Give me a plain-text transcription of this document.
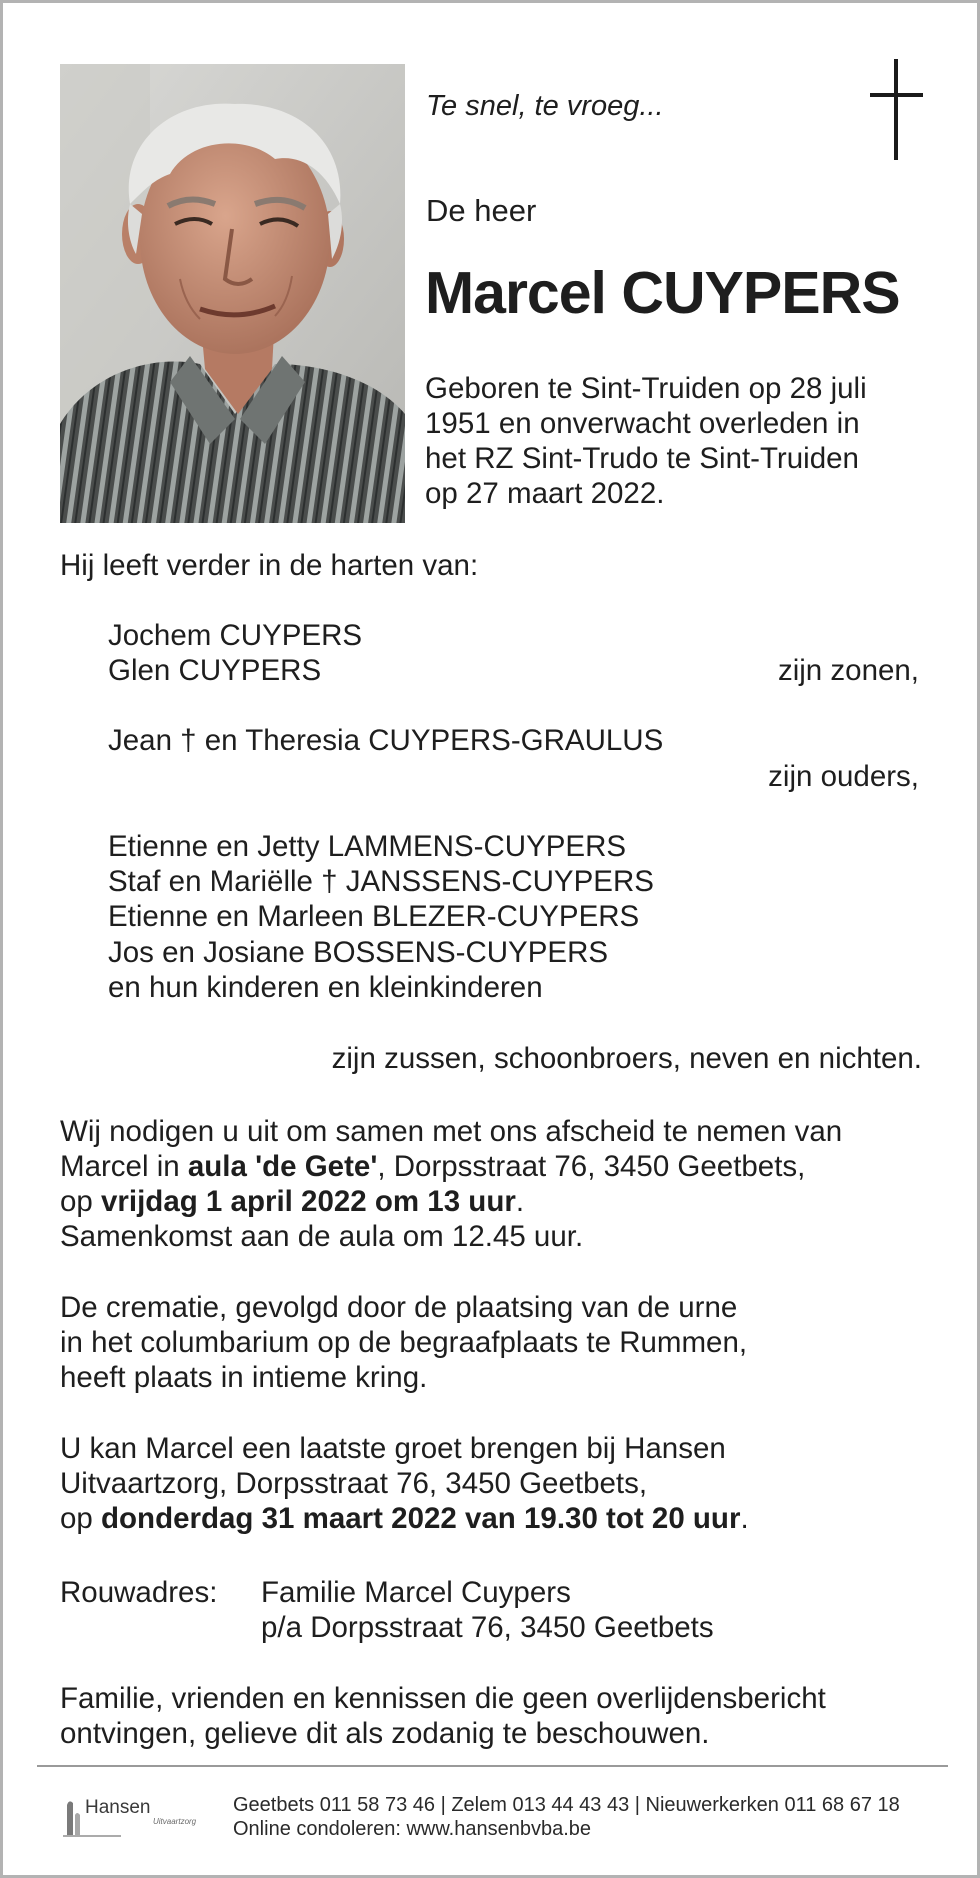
Te snel, te vroeg...
De heer
Marcel CUYPERS
Geboren te Sint-Truiden op 28 juli
1951 en onverwacht overleden in
het RZ Sint-Trudo te Sint-Truiden
op 27 maart 2022.
Hij leeft verder in de harten van:
Jochem CUYPERS
Glen CUYPERS	zijn zonen,
Jean † en Theresia CUYPERS-GRAULUS
zijn ouders,
Etienne en Jetty LAMMENS-CUYPERS
Staf en Mariëlle † JANSSENS-CUYPERS
Etienne en Marleen BLEZER-CUYPERS
Jos en Josiane BOSSENS-CUYPERS
en hun kinderen en kleinkinderen
zijn zussen, schoonbroers, neven en nichten.
Wij nodigen u uit om samen met ons afscheid te nemen van
Marcel in aula 'de Gete', Dorpsstraat 76, 3450 Geetbets,
op vrijdag 1 april 2022 om 13 uur.
Samenkomst aan de aula om 12.45 uur.
De crematie, gevolgd door de plaatsing van de urne
in het columbarium op de begraafplaats te Rummen,
heeft plaats in intieme kring.
U kan Marcel een laatste groet brengen bij Hansen
Uitvaartzorg, Dorpsstraat 76, 3450 Geetbets,
op donderdag 31 maart 2022 van 19.30 tot 20 uur.
Rouwadres: Familie Marcel Cuypers
p/a Dorpsstraat 76, 3450 Geetbets
Familie, vrienden en kennissen die geen overlijdensbericht
ontvingen, gelieve dit als zodanig te beschouwen.
Hansen
Uitvaartzorg
Geetbets 011 58 73 46 | Zelem 013 44 43 43 | Nieuwerkerken 011 68 67 18
Online condoleren: www.hansenbvba.be
